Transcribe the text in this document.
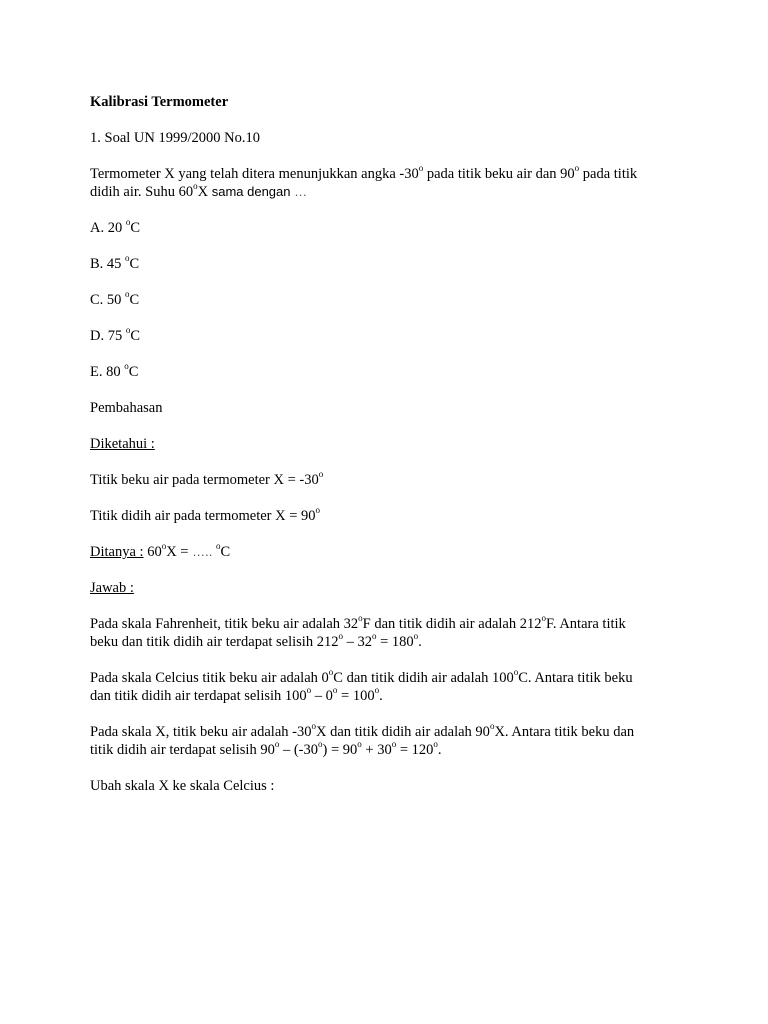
Kalibrasi Termometer
1. Soal UN 1999/2000 No.10
Termometer X yang telah ditera menunjukkan angka -30$^o$ pada titik beku air dan 90$^o$ pada titik
didih air. Suhu 60$^o$X sama dengan …
A. 20 $^o$C
B. 45 $^o$C
C. 50 $^o$C
D. 75 $^o$C
E. 80 $^o$C
Pembahasan
Diketahui :
Titik beku air pada termometer $X = -30^o$
Titik didih air pada termometer $X = 90^o$
Ditanya : $60^oX$ = ….. $^o$C
Jawab :
Pada skala Fahrenheit, titik beku air adalah 32$^o$F dan titik didih air adalah 212$^o$F. Antara titik
beku dan titik didih air terdapat selisih $212^o - 32^o = 180^o$.
Pada skala Celcius titik beku air adalah 0$^o$C dan titik didih air adalah 100$^o$C. Antara titik beku
dan titik didih air terdapat selisih $100^o - 0^o = 100^o$.
Pada skala X, titik beku air adalah -30$^o$X dan titik didih air adalah 90$^o$X. Antara titik beku dan
titik didih air terdapat selisih $90^o - (-30^o) = 90^o + 30^o = 120^o$.
Ubah skala X ke skala Celcius :
